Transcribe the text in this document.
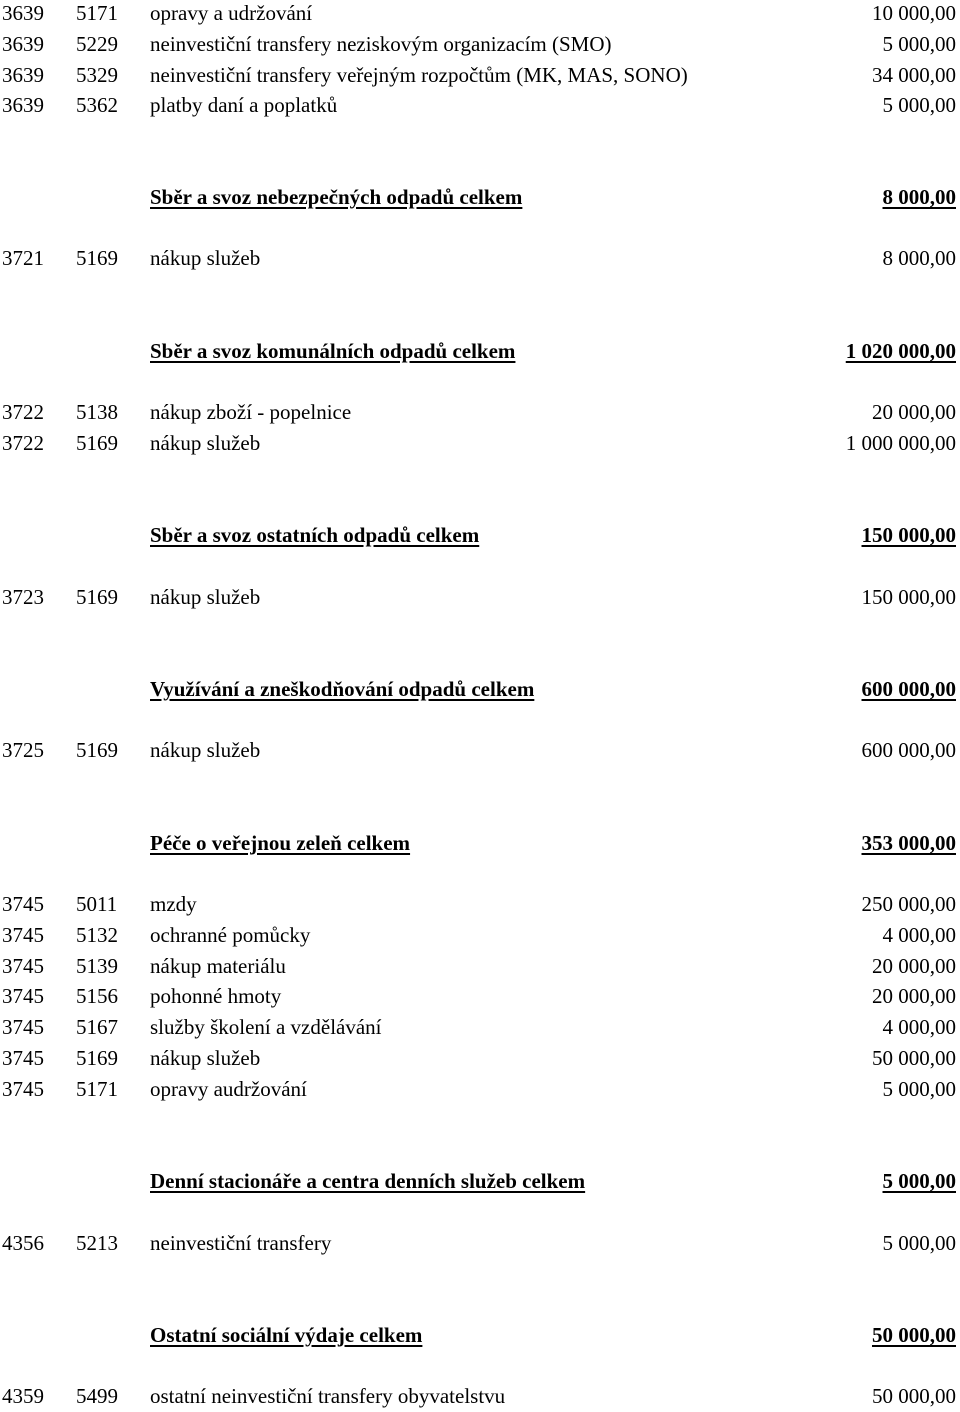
3639 5171 opravy a udržování	10 000,00
3639 5229 neinvestiční transfery neziskovým organizacím (SMO)	5 000,00
3639 5329 neinvestiční transfery veřejným rozpočtům (MK, MAS, SONO)	34 000,00
3639 5362 platby daní a poplatků	5 000,00
Sběr a svoz nebezpečných odpadů celkem	8 000,00
3721 5169 nákup služeb	8 000,00
Sběr a svoz komunálních odpadů celkem	1 020 000,00
3722 5138 nákup zboží - popelnice	20 000,00
3722 5169 nákup služeb	1 000 000,00
Sběr a svoz ostatních odpadů celkem	150 000,00
3723 5169 nákup služeb	150 000,00
Využívání a zneškodňování odpadů celkem	600 000,00
3725 5169 nákup služeb	600 000,00
Péče o veřejnou zeleň celkem	353 000,00
3745 5011 mzdy	250 000,00
3745 5132 ochranné pomůcky	4 000,00
3745 5139 nákup materiálu	20 000,00
3745 5156 pohonné hmoty	20 000,00
3745 5167 služby školení a vzdělávání	4 000,00
3745 5169 nákup služeb	50 000,00
3745 5171 opravy audržování	5 000,00
Denní stacionáře a centra denních služeb celkem	5 000,00
4356 5213 neinvestiční transfery	5 000,00
Ostatní sociální výdaje celkem	50 000,00
4359 5499 ostatní neinvestiční transfery obyvatelstvu	50 000,00
